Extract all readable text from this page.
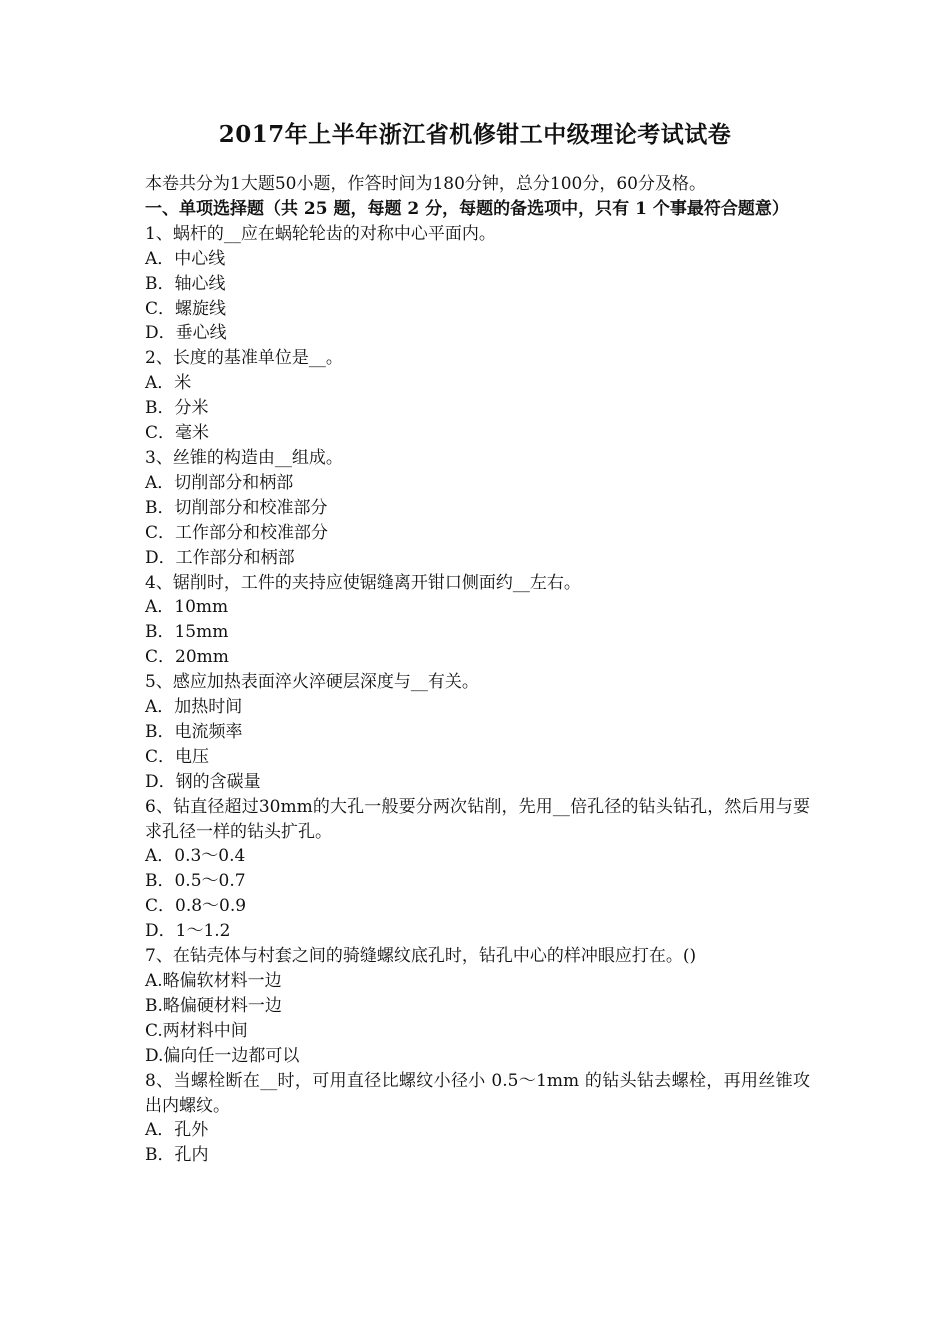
2017年上半年浙江省机修钳工中级理论考试试卷
本卷共分为1大题50小题，作答时间为180分钟，总分100分，60分及格。
一、单项选择题（共 25 题，每题 2 分，每题的备选项中，只有 1 个事最符合题意）
1、蜗杆的__应在蜗轮轮齿的对称中心平面内。
A．中心线
B．轴心线
C．螺旋线
D．垂心线
2、长度的基准单位是__。
A．米
B．分米
C．毫米
3、丝锥的构造由__组成。
A．切削部分和柄部
B．切削部分和校准部分
C．工作部分和校准部分
D．工作部分和柄部
4、锯削时，工件的夹持应使锯缝离开钳口侧面约__左右。
A．10mm
B．15mm
C．20mm
5、感应加热表面淬火淬硬层深度与__有关。
A．加热时间
B．电流频率
C．电压
D．钢的含碳量
6、钻直径超过30mm的大孔一般要分两次钻削，先用__倍孔径的钻头钻孔，然后用与要求孔径一样的钻头扩孔。
A．0.3～0.4
B．0.5～0.7
C．0.8～0.9
D．1～1.2
7、在钻壳体与村套之间的骑缝螺纹底孔时，钻孔中心的样冲眼应打在。()
A.略偏软材料一边
B.略偏硬材料一边
C.两材料中间
D.偏向任一边都可以
8、当螺栓断在__时，可用直径比螺纹小径小 0.5～1mm 的钻头钻去螺栓，再用丝锥攻出内螺纹。
A．孔外
B．孔内
